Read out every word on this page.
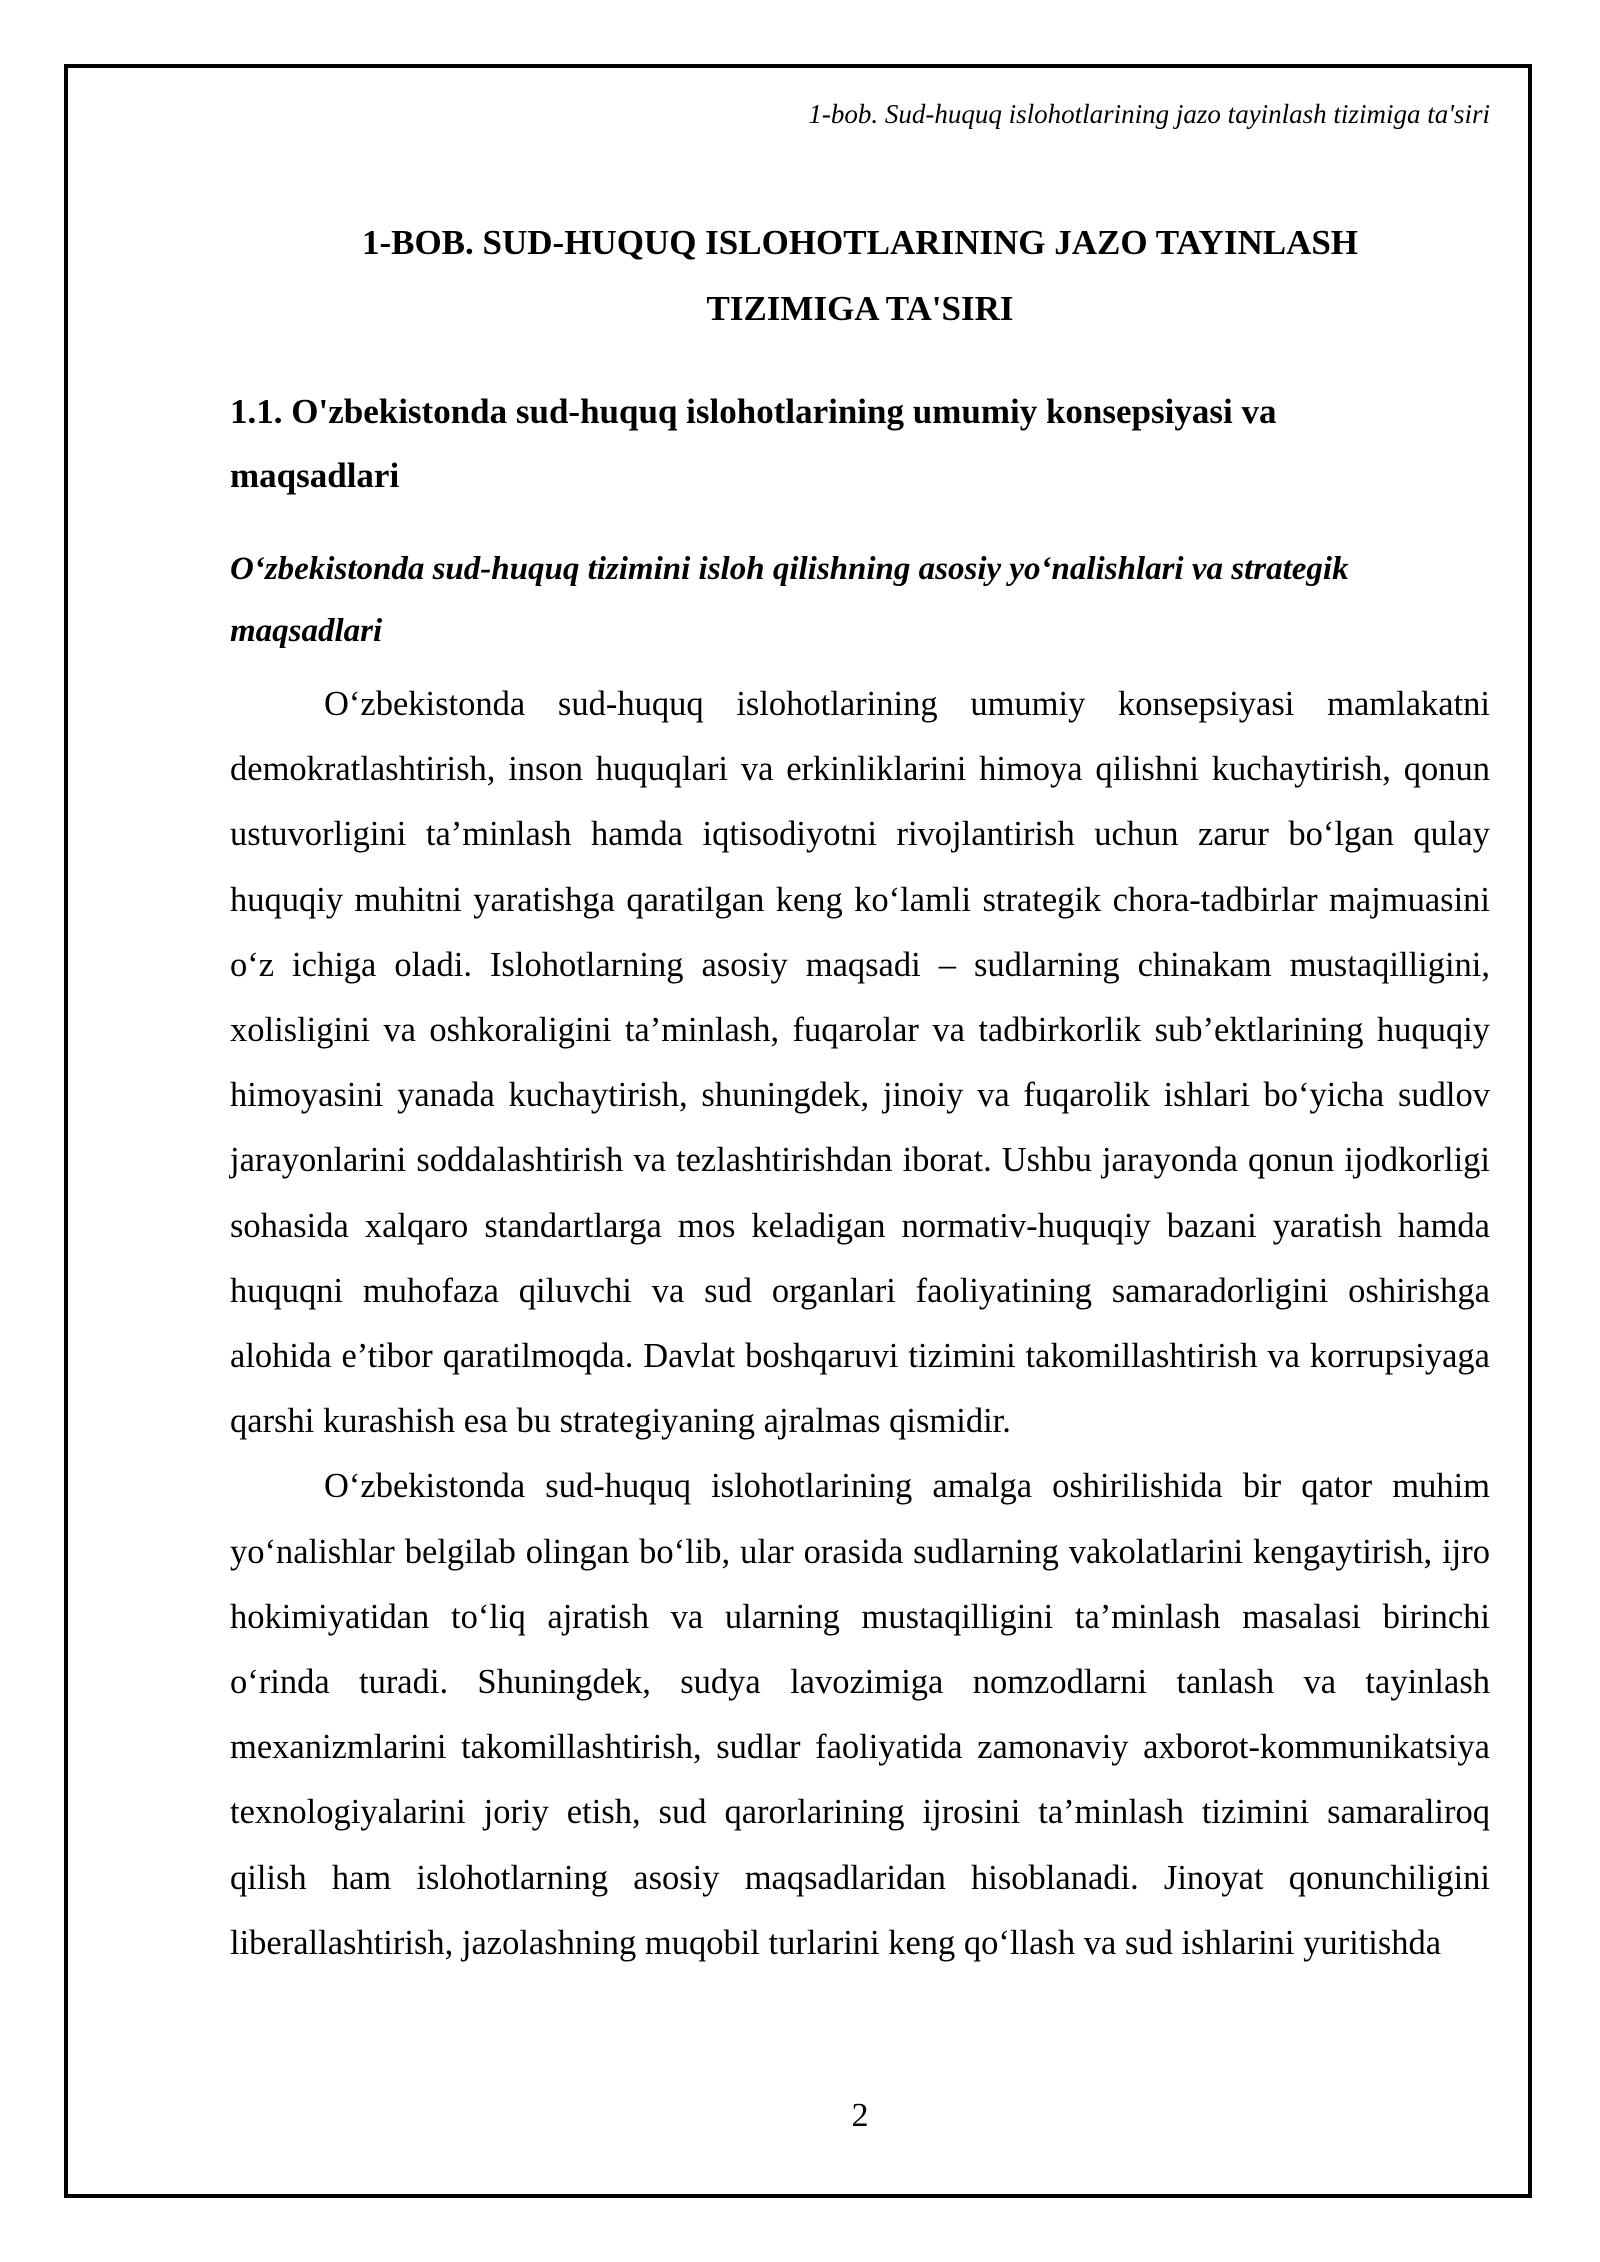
1-bob. Sud-huquq islohotlarining jazo tayinlash tizimiga ta'siri
1-BOB. SUD-HUQUQ ISLOHOTLARINING JAZO TAYINLASH
TIZIMIGA TA'SIRI
1.1. O'zbekistonda sud-huquq islohotlarining umumiy konsepsiyasi va
maqsadlari
O‘zbekistonda sud-huquq tizimini isloh qilishning asosiy yo‘nalishlari va strategik
maqsadlari

O‘zbekistonda sud-huquq islohotlarining umumiy konsepsiyasi mamlakatni demokratlashtirish, inson huquqlari va erkinliklarini himoya qilishni kuchaytirish, qonun ustuvorligini ta’minlash hamda iqtisodiyotni rivojlantirish uchun zarur bo‘lgan qulay huquqiy muhitni yaratishga qaratilgan keng ko‘lamli strategik chora-tadbirlar majmuasini o‘z ichiga oladi. Islohotlarning asosiy maqsadi – sudlarning chinakam mustaqilligini, xolisligini va oshkoraligini ta’minlash, fuqarolar va tadbirkorlik sub’ektlarining huquqiy himoyasini yanada kuchaytirish, shuningdek, jinoiy va fuqarolik ishlari bo‘yicha sudlov jarayonlarini soddalashtirish va tezlashtirishdan iborat. Ushbu jarayonda qonun ijodkorligi sohasida xalqaro standartlarga mos keladigan normativ-huquqiy bazani yaratish hamda huquqni muhofaza qiluvchi va sud organlari faoliyatining samaradorligini oshirishga alohida e’tibor qaratilmoqda. Davlat boshqaruvi tizimini takomillashtirish va korrupsiyaga qarshi kurashish esa bu strategiyaning ajralmas qismidir.

O‘zbekistonda sud-huquq islohotlarining amalga oshirilishida bir qator muhim yo‘nalishlar belgilab olingan bo‘lib, ular orasida sudlarning vakolatlarini kengaytirish, ijro hokimiyatidan to‘liq ajratish va ularning mustaqilligini ta’minlash masalasi birinchi o‘rinda turadi. Shuningdek, sudya lavozimiga nomzodlarni tanlash va tayinlash mexanizmlarini takomillashtirish, sudlar faoliyatida zamonaviy axborot-kommunikatsiya texnologiyalarini joriy etish, sud qarorlarining ijrosini ta’minlash tizimini samaraliroq qilish ham islohotlarning asosiy maqsadlaridan hisoblanadi. Jinoyat qonunchiligini liberallashtirish, jazolashning muqobil turlarini keng qo‘llash va sud ishlarini yuritishda

2
